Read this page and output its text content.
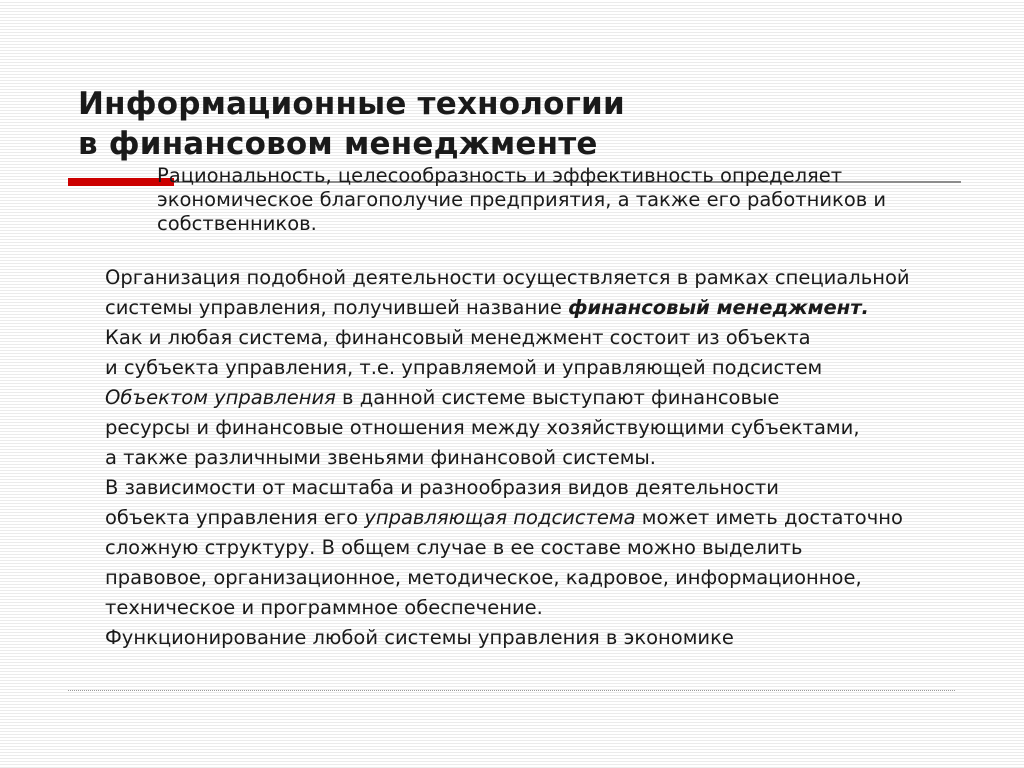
Информационные технологии
в финансовом менеджменте

Рациональность, целесообразность и эффективность определяет экономическое благополучие предприятия, а также его работников и собственников.

Организация подобной деятельности осуществляется в рамках специальной

системы управления, получившей название финансовый менеджмент.

Как и любая система, финансовый менеджмент состоит из объекта

и субъекта управления, т.е. управляемой и управляющей подсистем

Объектом управления в данной системе выступают финансовые

ресурсы и финансовые отношения между хозяйствующими субъектами,

а также различными звеньями финансовой системы.

В зависимости от масштаба и разнообразия видов деятельности

объекта управления его управляющая подсистема может иметь достаточно

сложную структуру. В общем случае в ее составе можно выделить

правовое, организационное, методическое, кадровое, информационное,

техническое и программное обеспечение.

Функционирование любой системы управления в экономике
